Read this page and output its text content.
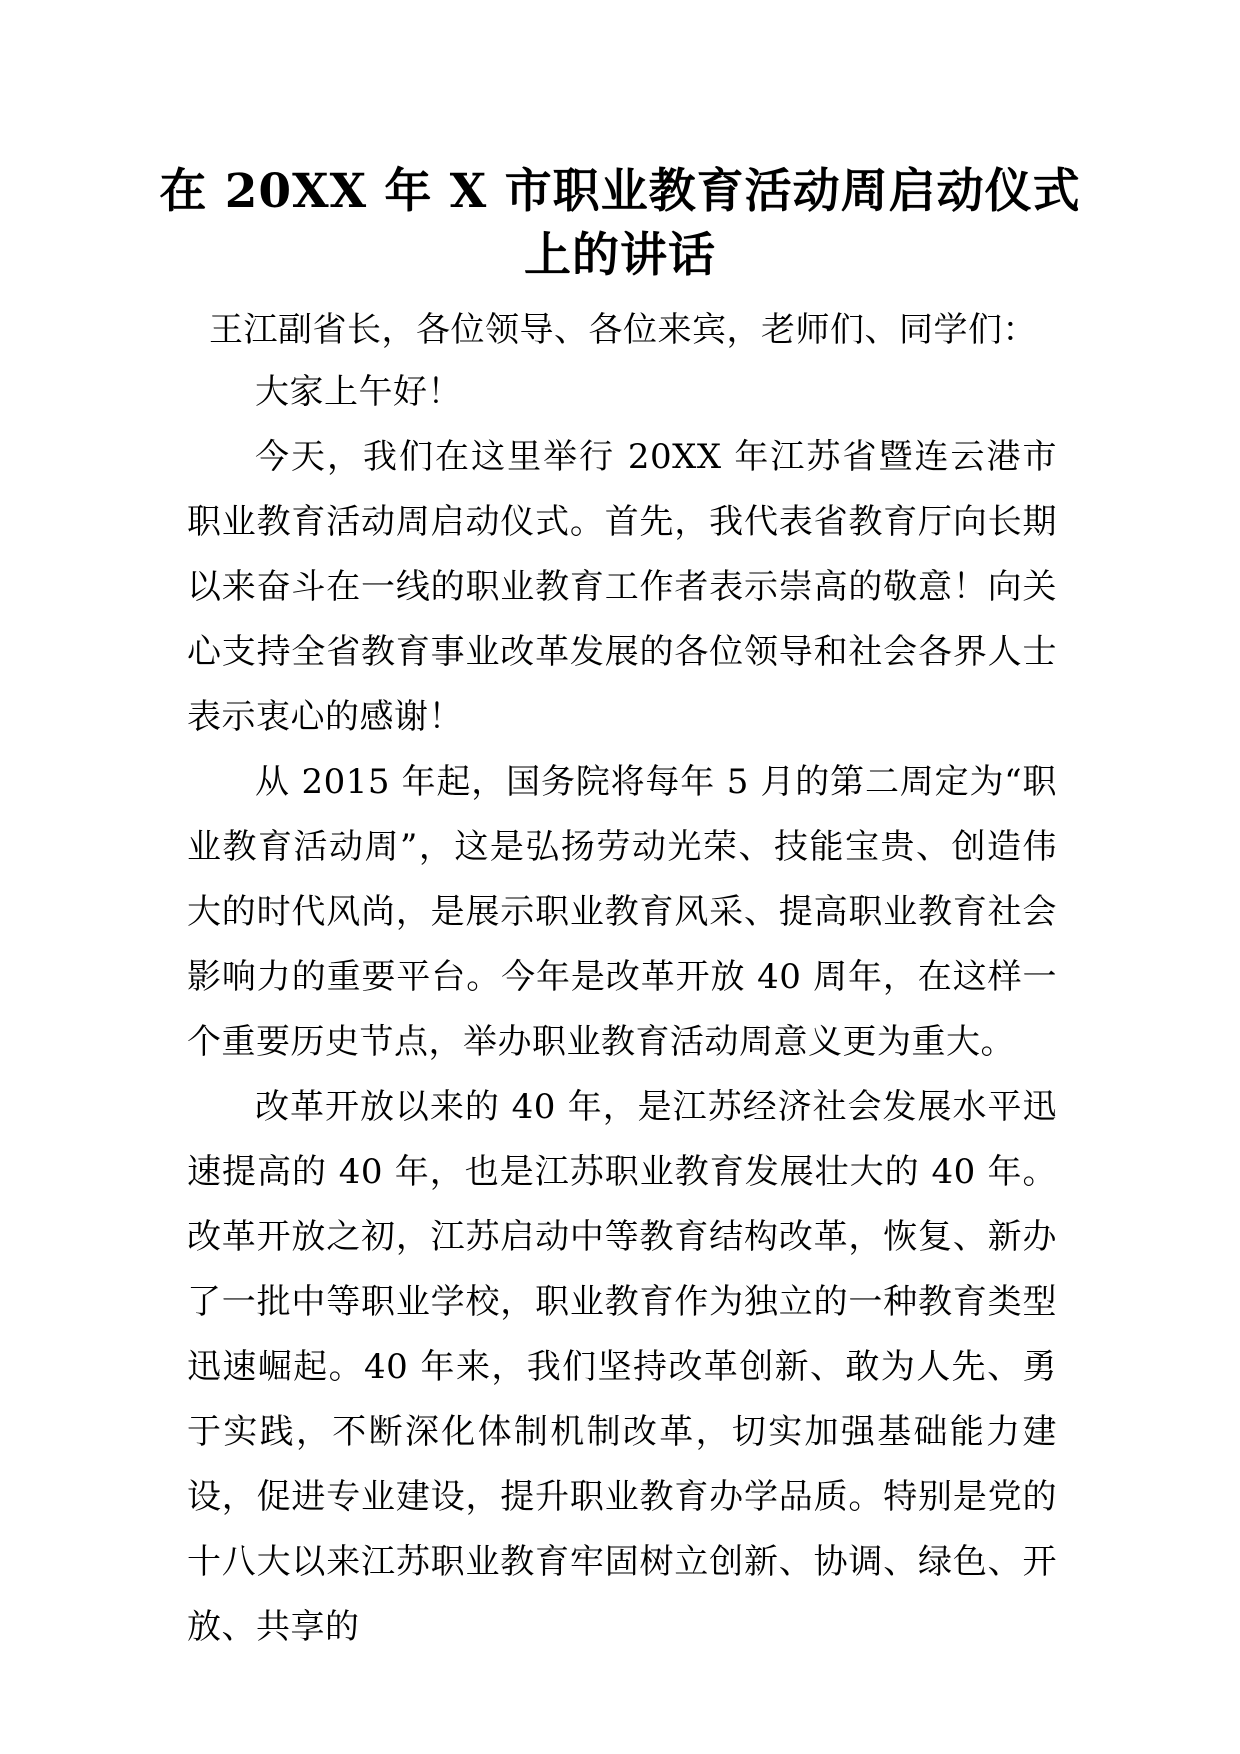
在 20XX 年 X 市职业教育活动周启动仪式
上的讲话

王江副省长，各位领导、各位来宾，老师们、同学们：

大家上午好！

今天，我们在这里举行 20XX 年江苏省暨连云港市职业教育活动周启动仪式。首先，我代表省教育厅向长期以来奋斗在一线的职业教育工作者表示崇高的敬意！向关心支持全省教育事业改革发展的各位领导和社会各界人士表示衷心的感谢！

从 2015 年起，国务院将每年 5 月的第二周定为“职业教育活动周”，这是弘扬劳动光荣、技能宝贵、创造伟大的时代风尚，是展示职业教育风采、提高职业教育社会影响力的重要平台。今年是改革开放 40 周年，在这样一个重要历史节点，举办职业教育活动周意义更为重大。

改革开放以来的 40 年，是江苏经济社会发展水平迅速提高的 40 年，也是江苏职业教育发展壮大的 40 年。改革开放之初，江苏启动中等教育结构改革，恢复、新办了一批中等职业学校，职业教育作为独立的一种教育类型迅速崛起。40 年来，我们坚持改革创新、敢为人先、勇于实践，不断深化体制机制改革，切实加强基础能力建设，促进专业建设，提升职业教育办学品质。特别是党的十八大以来江苏职业教育牢固树立创新、协调、绿色、开放、共享的
